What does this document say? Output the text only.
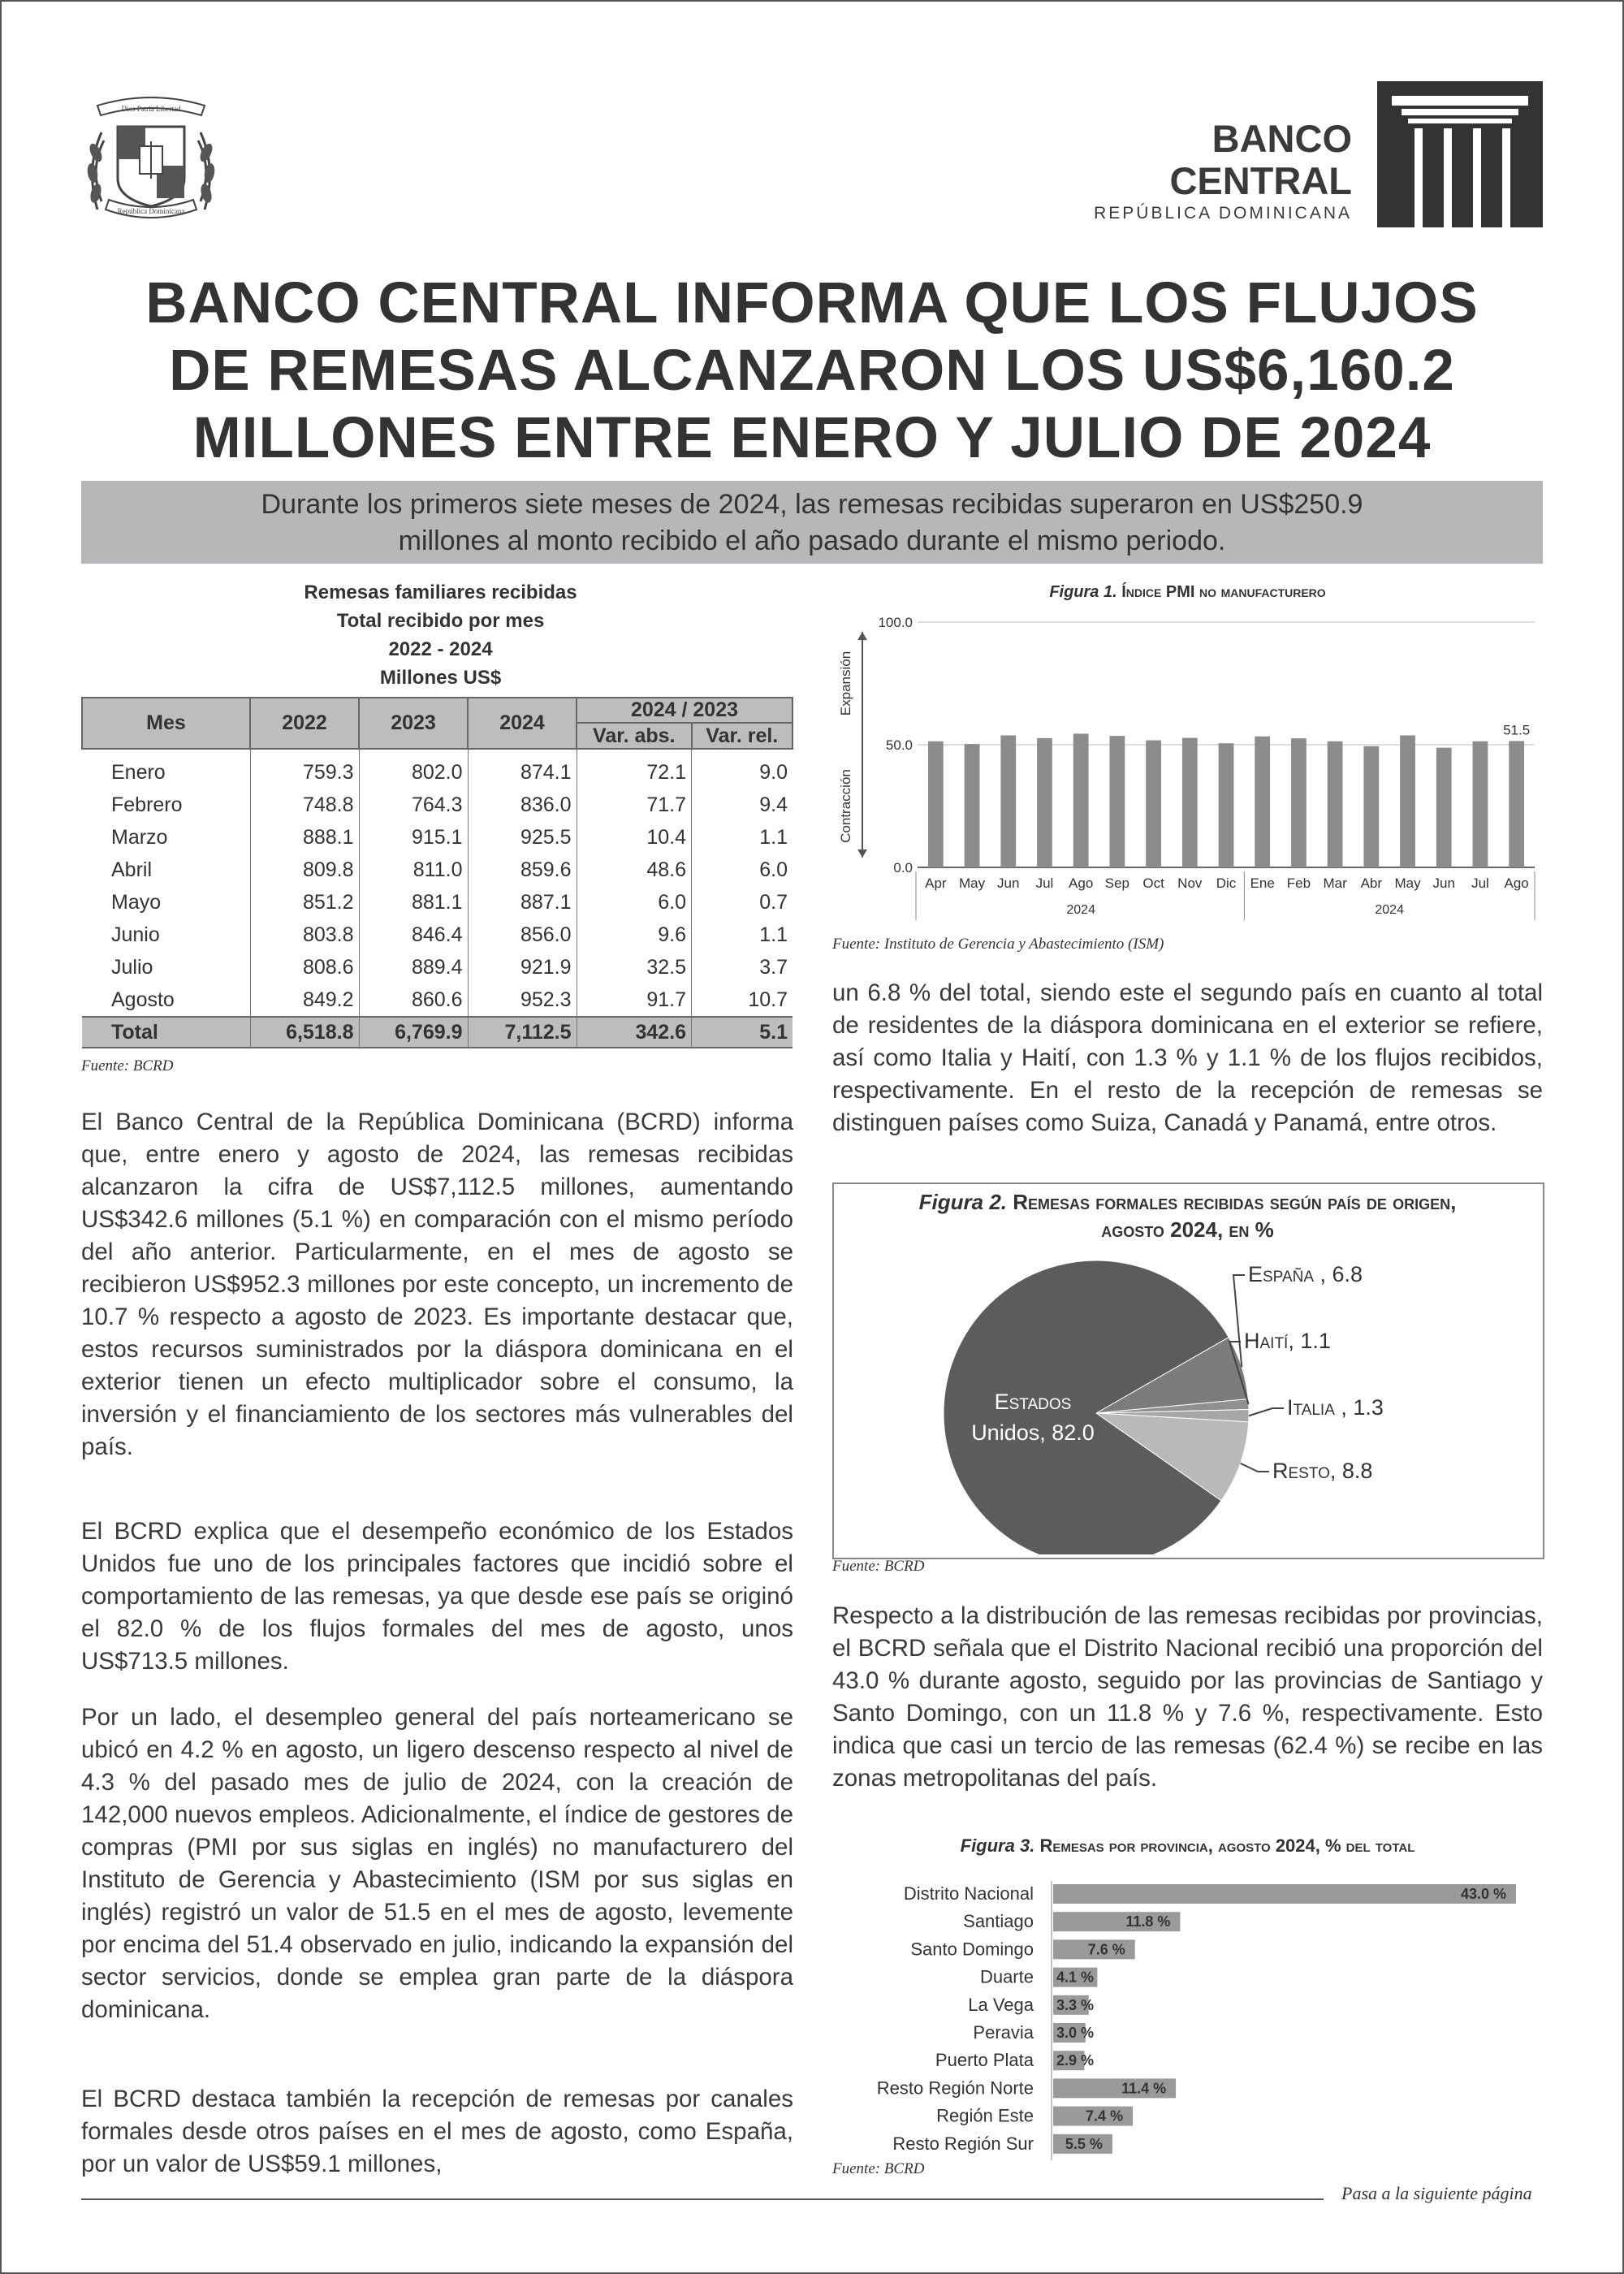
Dios Patria Libertad
República Dominicana
BANCO CENTRAL
REPÚBLICA DOMINICANA
BANCO CENTRAL INFORMA QUE LOS FLUJOS
DE REMESAS ALCANZARON LOS US$6,160.2
MILLONES ENTRE ENERO Y JULIO DE 2024
Durante los primeros siete meses de 2024, las remesas recibidas superaron en US$250.9
millones al monto recibido el año pasado durante el mismo periodo.
Remesas familiares recibidas
Total recibido por mes
2022 - 2024
Millones US$
Mes	2022	2023	2024	2024 / 2023	
				Var. abs.	Var. rel.
Enero	759.3	802.0	874.1	72.1	9.0
Febrero	748.8	764.3	836.0	71.7	9.4
Marzo	888.1	915.1	925.5	10.4	1.1
Abril	809.8	811.0	859.6	48.6	6.0
Mayo	851.2	881.1	887.1	6.0	0.7
Junio	803.8	846.4	856.0	9.6	1.1
Julio	808.6	889.4	921.9	32.5	3.7
Agosto	849.2	860.6	952.3	91.7	10.7
Total	6,518.8	6,769.9	7,112.5	342.6	5.1
Fuente: BCRD
El Banco Central de la República Dominicana (BCRD) informa que, entre enero y agosto de 2024, las remesas recibidas alcanzaron la cifra de US$7,112.5 millones, aumentando US$342.6 millones (5.1 %) en comparación con el mismo período del año anterior. Particularmente, en el mes de agosto se recibieron US$952.3 millones por este concepto, un incremento de 10.7 % respecto a agosto de 2023. Es importante destacar que, estos recursos suministrados por la diáspora dominicana en el exterior tienen un efecto multiplicador sobre el consumo, la inversión y el financiamiento de los sectores más vulnerables del país.
El BCRD explica que el desempeño económico de los Estados Unidos fue uno de los principales factores que incidió sobre el comportamiento de las remesas, ya que desde ese país se originó el 82.0 % de los flujos formales del mes de agosto, unos US$713.5 millones.
Por un lado, el desempleo general del país norteamericano se ubicó en 4.2 % en agosto, un ligero descenso respecto al nivel de 4.3 % del pasado mes de julio de 2024, con la creación de 142,000 nuevos empleos. Adicionalmente, el índice de gestores de compras (PMI por sus siglas en inglés) no manufacturero del Instituto de Gerencia y Abastecimiento (ISM por sus siglas en inglés) registró un valor de 51.5 en el mes de agosto, levemente por encima del 51.4 observado en julio, indicando la expansión del sector servicios, donde se emplea gran parte de la diáspora dominicana.
El BCRD destaca también la recepción de remesas por canales formales desde otros países en el mes de agosto, como España, por un valor de US$59.1 millones,
Figura 1. Índice PMI no manufacturero
100.0
50.0
0.0
Expansión
Contracción
Apr May Jun Jul Ago Sep Oct Nov Dic Ene Feb Mar Abr May Jun Jul Ago
51.5
2024	2024
Fuente: Instituto de Gerencia y Abastecimiento (ISM)
un 6.8 % del total, siendo este el segundo país en cuanto al total de residentes de la diáspora dominicana en el exterior se refiere, así como Italia y Haití, con 1.3 % y 1.1 % de los flujos recibidos, respectivamente. En el resto de la recepción de remesas se distinguen países como Suiza, Canadá y Panamá, entre otros.
Figura 2. Remesas formales recibidas según país de origen,
agosto 2024, en %
España , 6.8
Haití, 1.1
Italia , 1.3
Resto, 8.8
Estados
Unidos, 82.0
Fuente: BCRD
Respecto a la distribución de las remesas recibidas por provincias, el BCRD señala que el Distrito Nacional recibió una proporción del 43.0 % durante agosto, seguido por las provincias de Santiago y Santo Domingo, con un 11.8 % y 7.6 %, respectivamente. Esto indica que casi un tercio de las remesas (62.4 %) se recibe en las zonas metropolitanas del país.
Figura 3. Remesas por provincia, agosto 2024, % del total
Distrito Nacional	43.0 %
Santiago	11.8 %
Santo Domingo	7.6 %
Duarte 4.1 %
La Vega 3.3 %
Peravia 3.0 %
Puerto Plata 2.9 %
Resto Región Norte	11.4 %
Región Este	7.4 %
Resto Región Sur 5.5 %
Fuente: BCRD
Pasa a la siguiente página
